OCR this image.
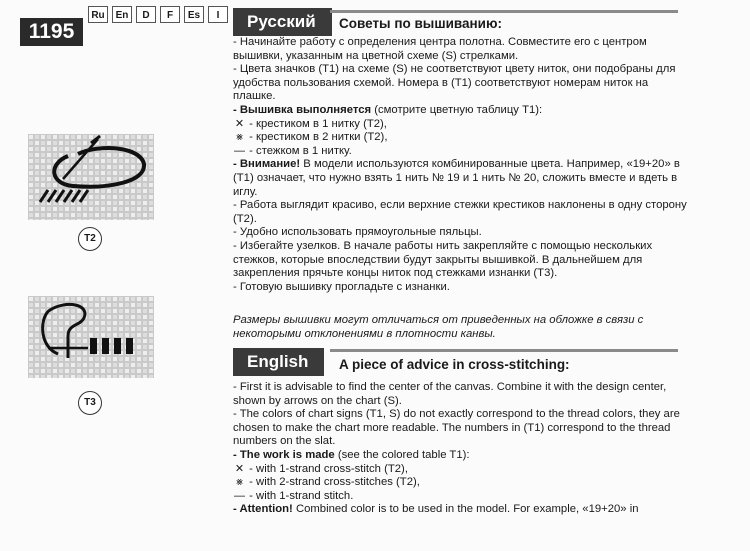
1195
Ru	En	D	F	Es	I
T2
T3
Русский	Советы по вышиванию:

- Начинайте работу с определения центра полотна. Совместите его с центром вышивки, указанным на цветной схеме (S) стрелками.

- Цвета значков (T1) на схеме (S) не соответствуют цвету ниток, они подобраны для удобства пользования схемой. Номера в (T1) соответствуют номерам ниток на плашке.

- Вышивка выполняется (смотрите цветную таблицу T1):

✕ - крестиком в 1 нитку (T2),

⨳ - крестиком в 2 нитки (T2),

— - стежком в 1 нитку.

- Внимание! В модели используются комбинированные цвета. Например, «19+20» в (T1) означает, что нужно взять 1 нить № 19 и 1 нить № 20, сложить вместе и вдеть в иглу.

- Работа выглядит красиво, если верхние стежки крестиков наклонены в одну сторону (T2).

- Удобно использовать прямоугольные пяльцы.

- Избегайте узелков. В начале работы нить закрепляйте с помощью нескольких стежков, которые впоследствии будут закрыты вышивкой. В дальнейшем для закрепления прячьте концы ниток под стежками изнанки (T3).

- Готовую вышивку прогладьте с изнанки.

Размеры вышивки могут отличаться от приведенных на обложке в связи с некоторыми отклонениями в плотности канвы.
English	A piece of advice in cross-stitching:

- First it is advisable to find the center of the canvas. Combine it with the design center, shown by arrows on the chart (S).

- The colors of chart signs (T1, S) do not exactly correspond to the thread colors, they are chosen to make the chart more readable. The numbers in (T1) correspond to the thread numbers on the slat.

- The work is made (see the colored table T1):

✕ - with 1-strand cross-stitch (T2),

⨳ - with 2-strand cross-stitches (T2),

— - with 1-strand stitch.

- Attention! Combined color is to be used in the model. For example, «19+20» in
